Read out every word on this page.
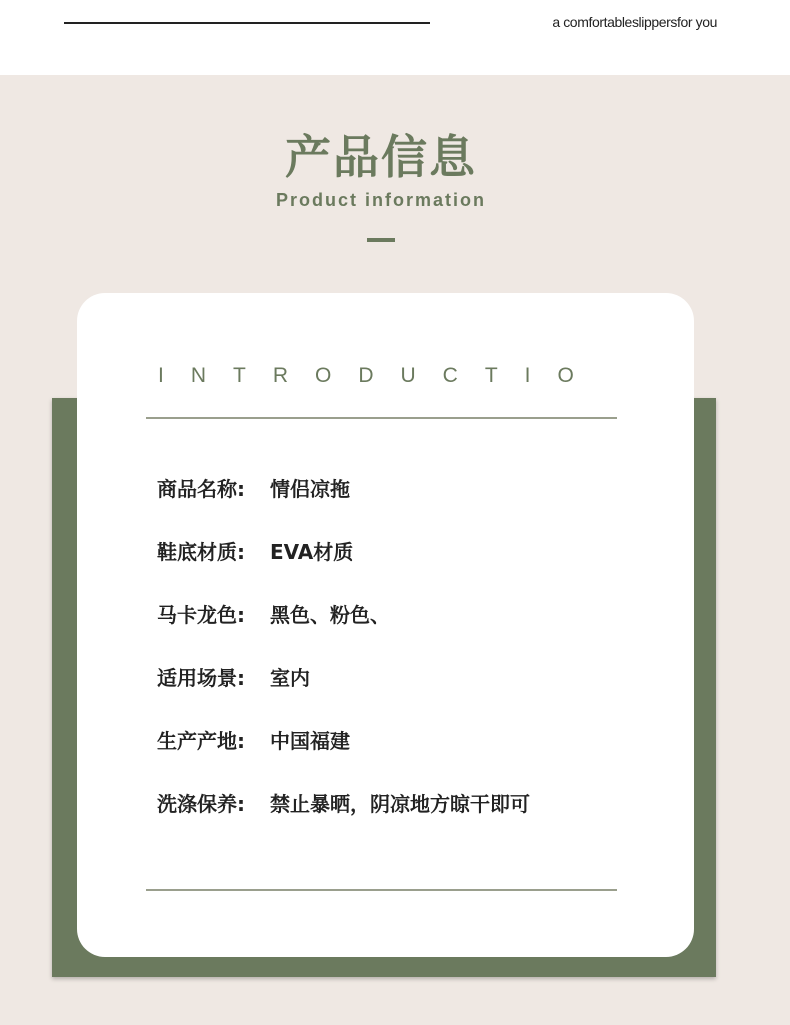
a comfortableslippersfor you
产品信息
Product information
INTRODUCTIO
商品名称:	情侣凉拖
鞋底材质:	EVA材质
马卡龙色:	黑色、粉色、
适用场景:	室内
生产产地:	中国福建
洗涤保养:	禁止暴晒，阴凉地方晾干即可
